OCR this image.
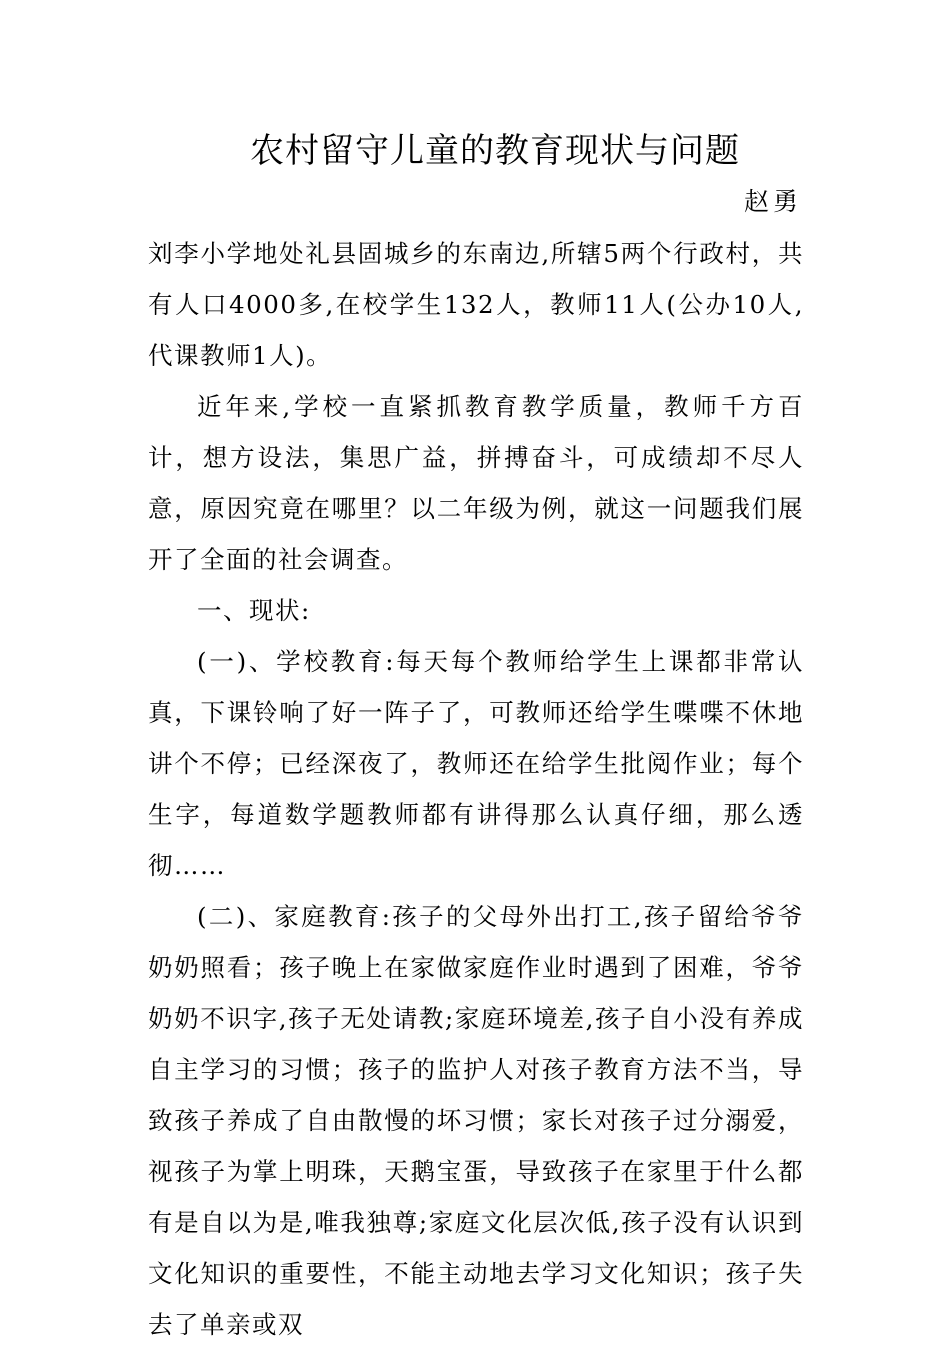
农村留守儿童的教育现状与问题
赵勇

刘李小学地处礼县固城乡的东南边,所辖5两个行政村，共有人口4000多,在校学生132人，教师11人(公办10人,代课教师1人)。

近年来,学校一直紧抓教育教学质量，教师千方百计，想方设法，集思广益，拼搏奋斗，可成绩却不尽人意，原因究竟在哪里？以二年级为例，就这一问题我们展开了全面的社会调查。

一、现状:

(一)、学校教育:每天每个教师给学生上课都非常认真，下课铃响了好一阵子了，可教师还给学生喋喋不休地讲个不停；已经深夜了，教师还在给学生批阅作业；每个生字，每道数学题教师都有讲得那么认真仔细，那么透彻……

(二)、家庭教育:孩子的父母外出打工,孩子留给爷爷奶奶照看；孩子晚上在家做家庭作业时遇到了困难，爷爷奶奶不识字,孩子无处请教;家庭环境差,孩子自小没有养成自主学习的习惯；孩子的监护人对孩子教育方法不当，导致孩子养成了自由散慢的坏习惯；家长对孩子过分溺爱，视孩子为掌上明珠，天鹅宝蛋，导致孩子在家里于什么都有是自以为是,唯我独尊;家庭文化层次低,孩子没有认识到文化知识的重要性，不能主动地去学习文化知识；孩子失去了单亲或双
